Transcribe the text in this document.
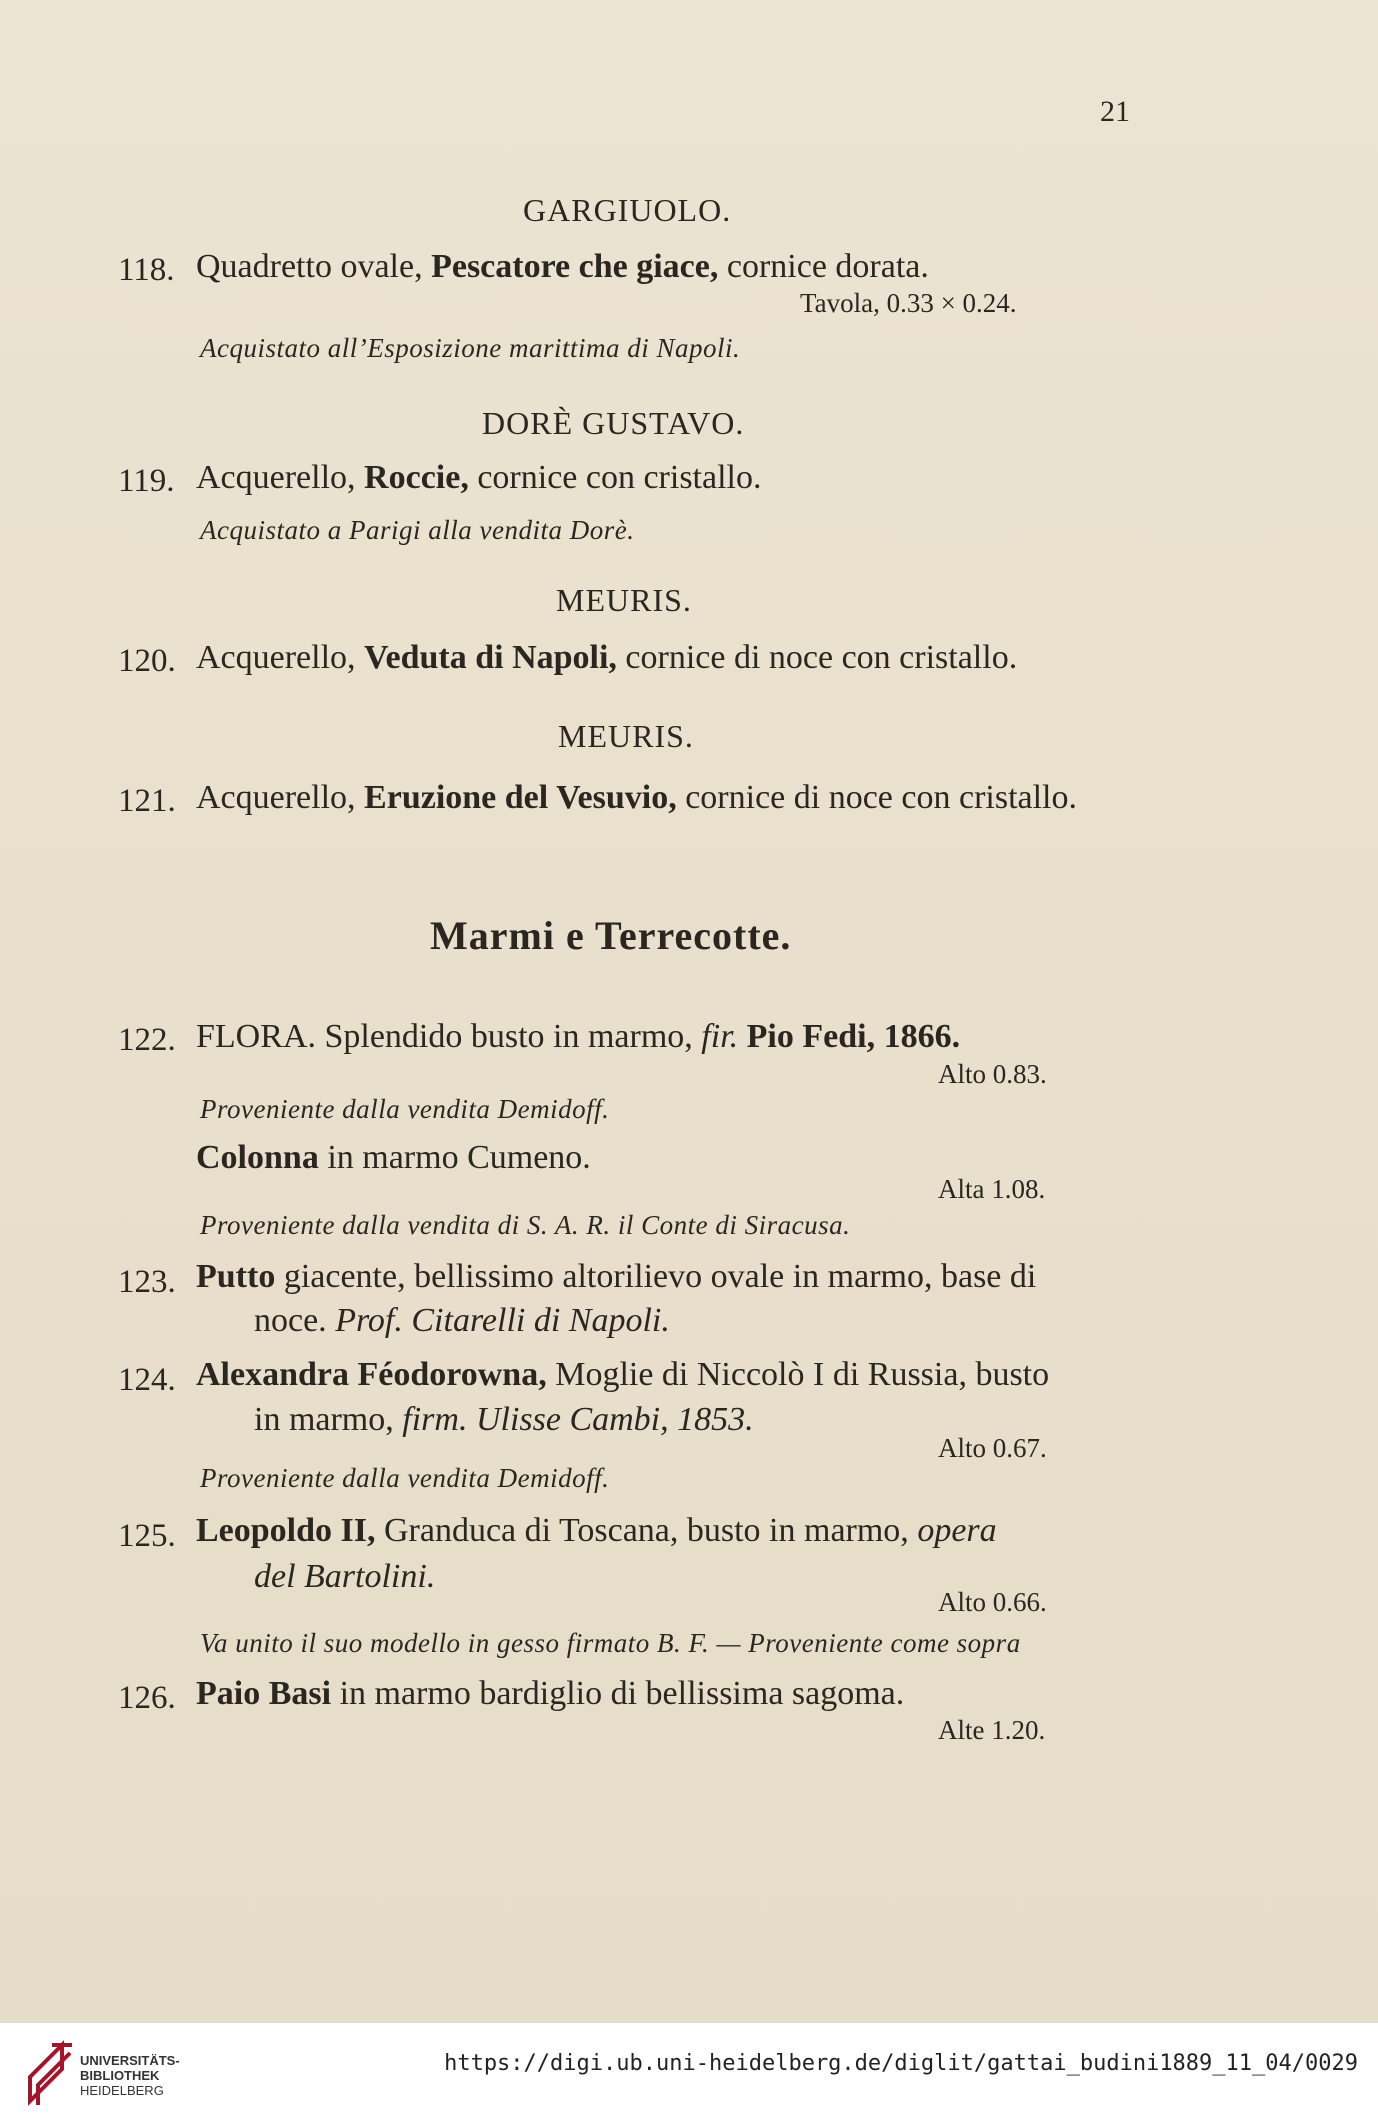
21
GARGIUOLO.
118. Quadretto ovale, Pescatore che giace, cornice dorata.
Tavola, 0.33 × 0.24.
Acquistato all’Esposizione marittima di Napoli.
DORÈ GUSTAVO.
119. Acquerello, Roccie, cornice con cristallo.
Acquistato a Parigi alla vendita Dorè.
MEURIS.
120. Acquerello, Veduta di Napoli, cornice di noce con cristallo.
MEURIS.
121. Acquerello, Eruzione del Vesuvio, cornice di noce con cristallo.
Marmi e Terrecotte.
122. FLORA. Splendido busto in marmo, fir. Pio Fedi, 1866.
Alto 0.83.
Proveniente dalla vendita Demidoff.
Colonna in marmo Cumeno.
Alta 1.08.
Proveniente dalla vendita di S. A. R. il Conte di Siracusa.
123. Putto giacente, bellissimo altorilievo ovale in marmo, base di
noce. Prof. Citarelli di Napoli.
124. Alexandra Féodorowna, Moglie di Niccolò I di Russia, busto
in marmo, firm. Ulisse Cambi, 1853.
Alto 0.67.
Proveniente dalla vendita Demidoff.
125. Leopoldo II, Granduca di Toscana, busto in marmo, opera
del Bartolini.
Alto 0.66.
Va unito il suo modello in gesso firmato B. F. — Proveniente come sopra
126. Paio Basi in marmo bardiglio di bellissima sagoma.
Alte 1.20.
UNIVERSITÄTS-
BIBLIOTHEK
HEIDELBERG
https://digi.ub.uni-heidelberg.de/diglit/gattai_budini1889_11_04/0029
